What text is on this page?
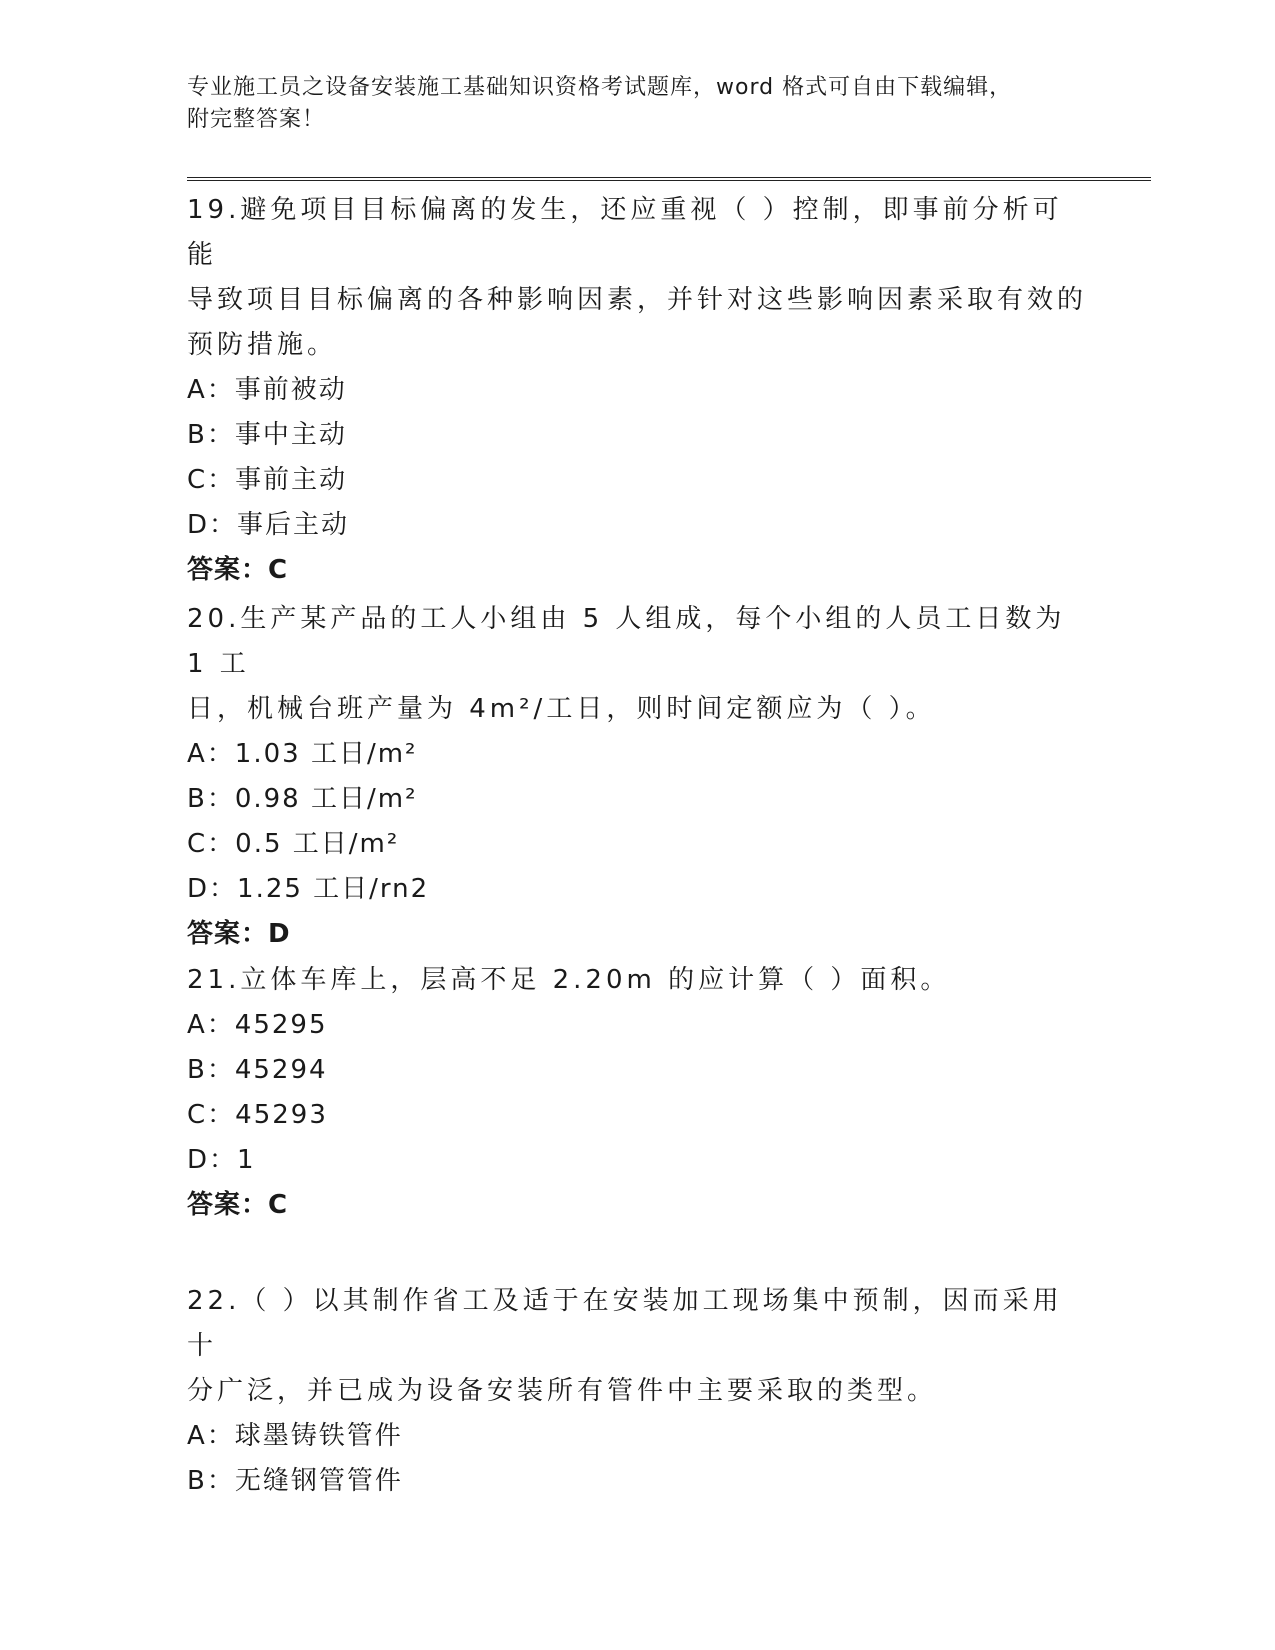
专业施工员之设备安装施工基础知识资格考试题库，word 格式可自由下载编辑，
附完整答案！

19.避免项目目标偏离的发生，还应重视（ ）控制，即事前分析可能

导致项目目标偏离的各种影响因素，并针对这些影响因素采取有效的

预防措施。

A：事前被动

B：事中主动

C：事前主动

D：事后主动

答案：C

20.生产某产品的工人小组由 5 人组成，每个小组的人员工日数为 1 工

日，机械台班产量为 4m²/工日，则时间定额应为（ ）。

A：1.03 工日/m²

B：0.98 工日/m²

C：0.5 工日/m²

D：1.25 工日/rn2

答案：D

21.立体车库上，层高不足 2.20m 的应计算（ ）面积。

A：45295

B：45294

C：45293

D：1

答案：C

22.（ ）以其制作省工及适于在安装加工现场集中预制，因而采用十

分广泛，并已成为设备安装所有管件中主要采取的类型。

A：球墨铸铁管件

B：无缝钢管管件
